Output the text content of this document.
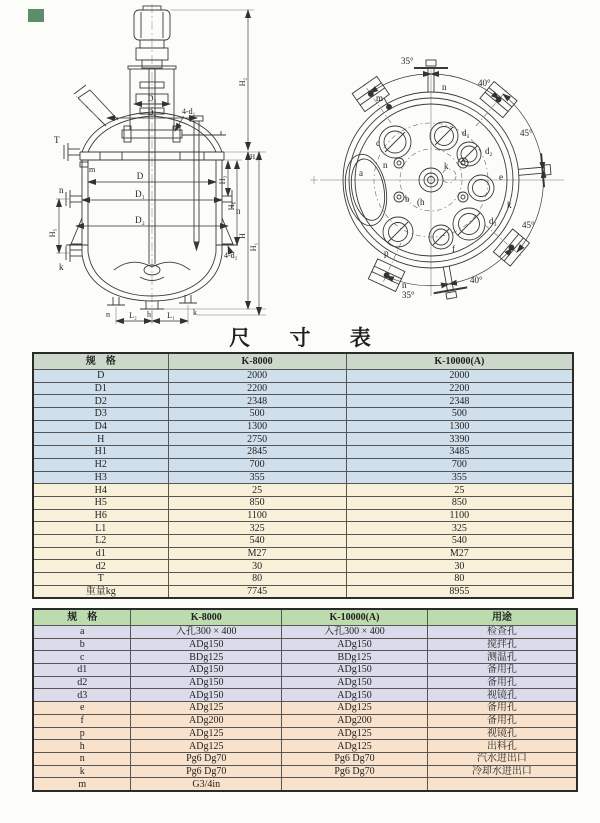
T
m
n
k
n
4-d₁
4-d₂
D₃
D₄
D
D₁
D₂
H₅
H₃
H₆
H
H₁
H₂
H₄
n	h	k
L₂	L₁
a
c
d₁
d₂
e
d₃
f
p
b (h
k
n
m
n
n
k
35°
40°
45°
45°
40°
35°
尺 寸 表
规　格	K-8000	K-10000(A)
D	2000	2000
D1	2200	2200
D2	2348	2348
D3	500	500
D4	1300	1300
H	2750	3390
H1	2845	3485
H2	700	700
H3	355	355
H4	25	25
H5	850	850
H6	1100	1100
L1	325	325
L2	540	540
d1	M27	M27
d2	30	30
T	80	80
重量kg	7745	8955
规　格	K-8000	K-10000(A)	用途
a	入孔300 × 400	入孔300 × 400	检查孔
b	ADg150	ADg150	搅拌孔
c	BDg125	BDg125	测温孔
d1	ADg150	ADg150	备用孔
d2	ADg150	ADg150	备用孔
d3	ADg150	ADg150	视镜孔
e	ADg125	ADg125	备用孔
f	ADg200	ADg200	备用孔
p	ADg125	ADg125	视镜孔
h	ADg125	ADg125	出料孔
n	Pg6 Dg70	Pg6 Dg70	汽水进出口
k	Pg6 Dg70	Pg6 Dg70	冷却水进出口
m	G3/4in		
